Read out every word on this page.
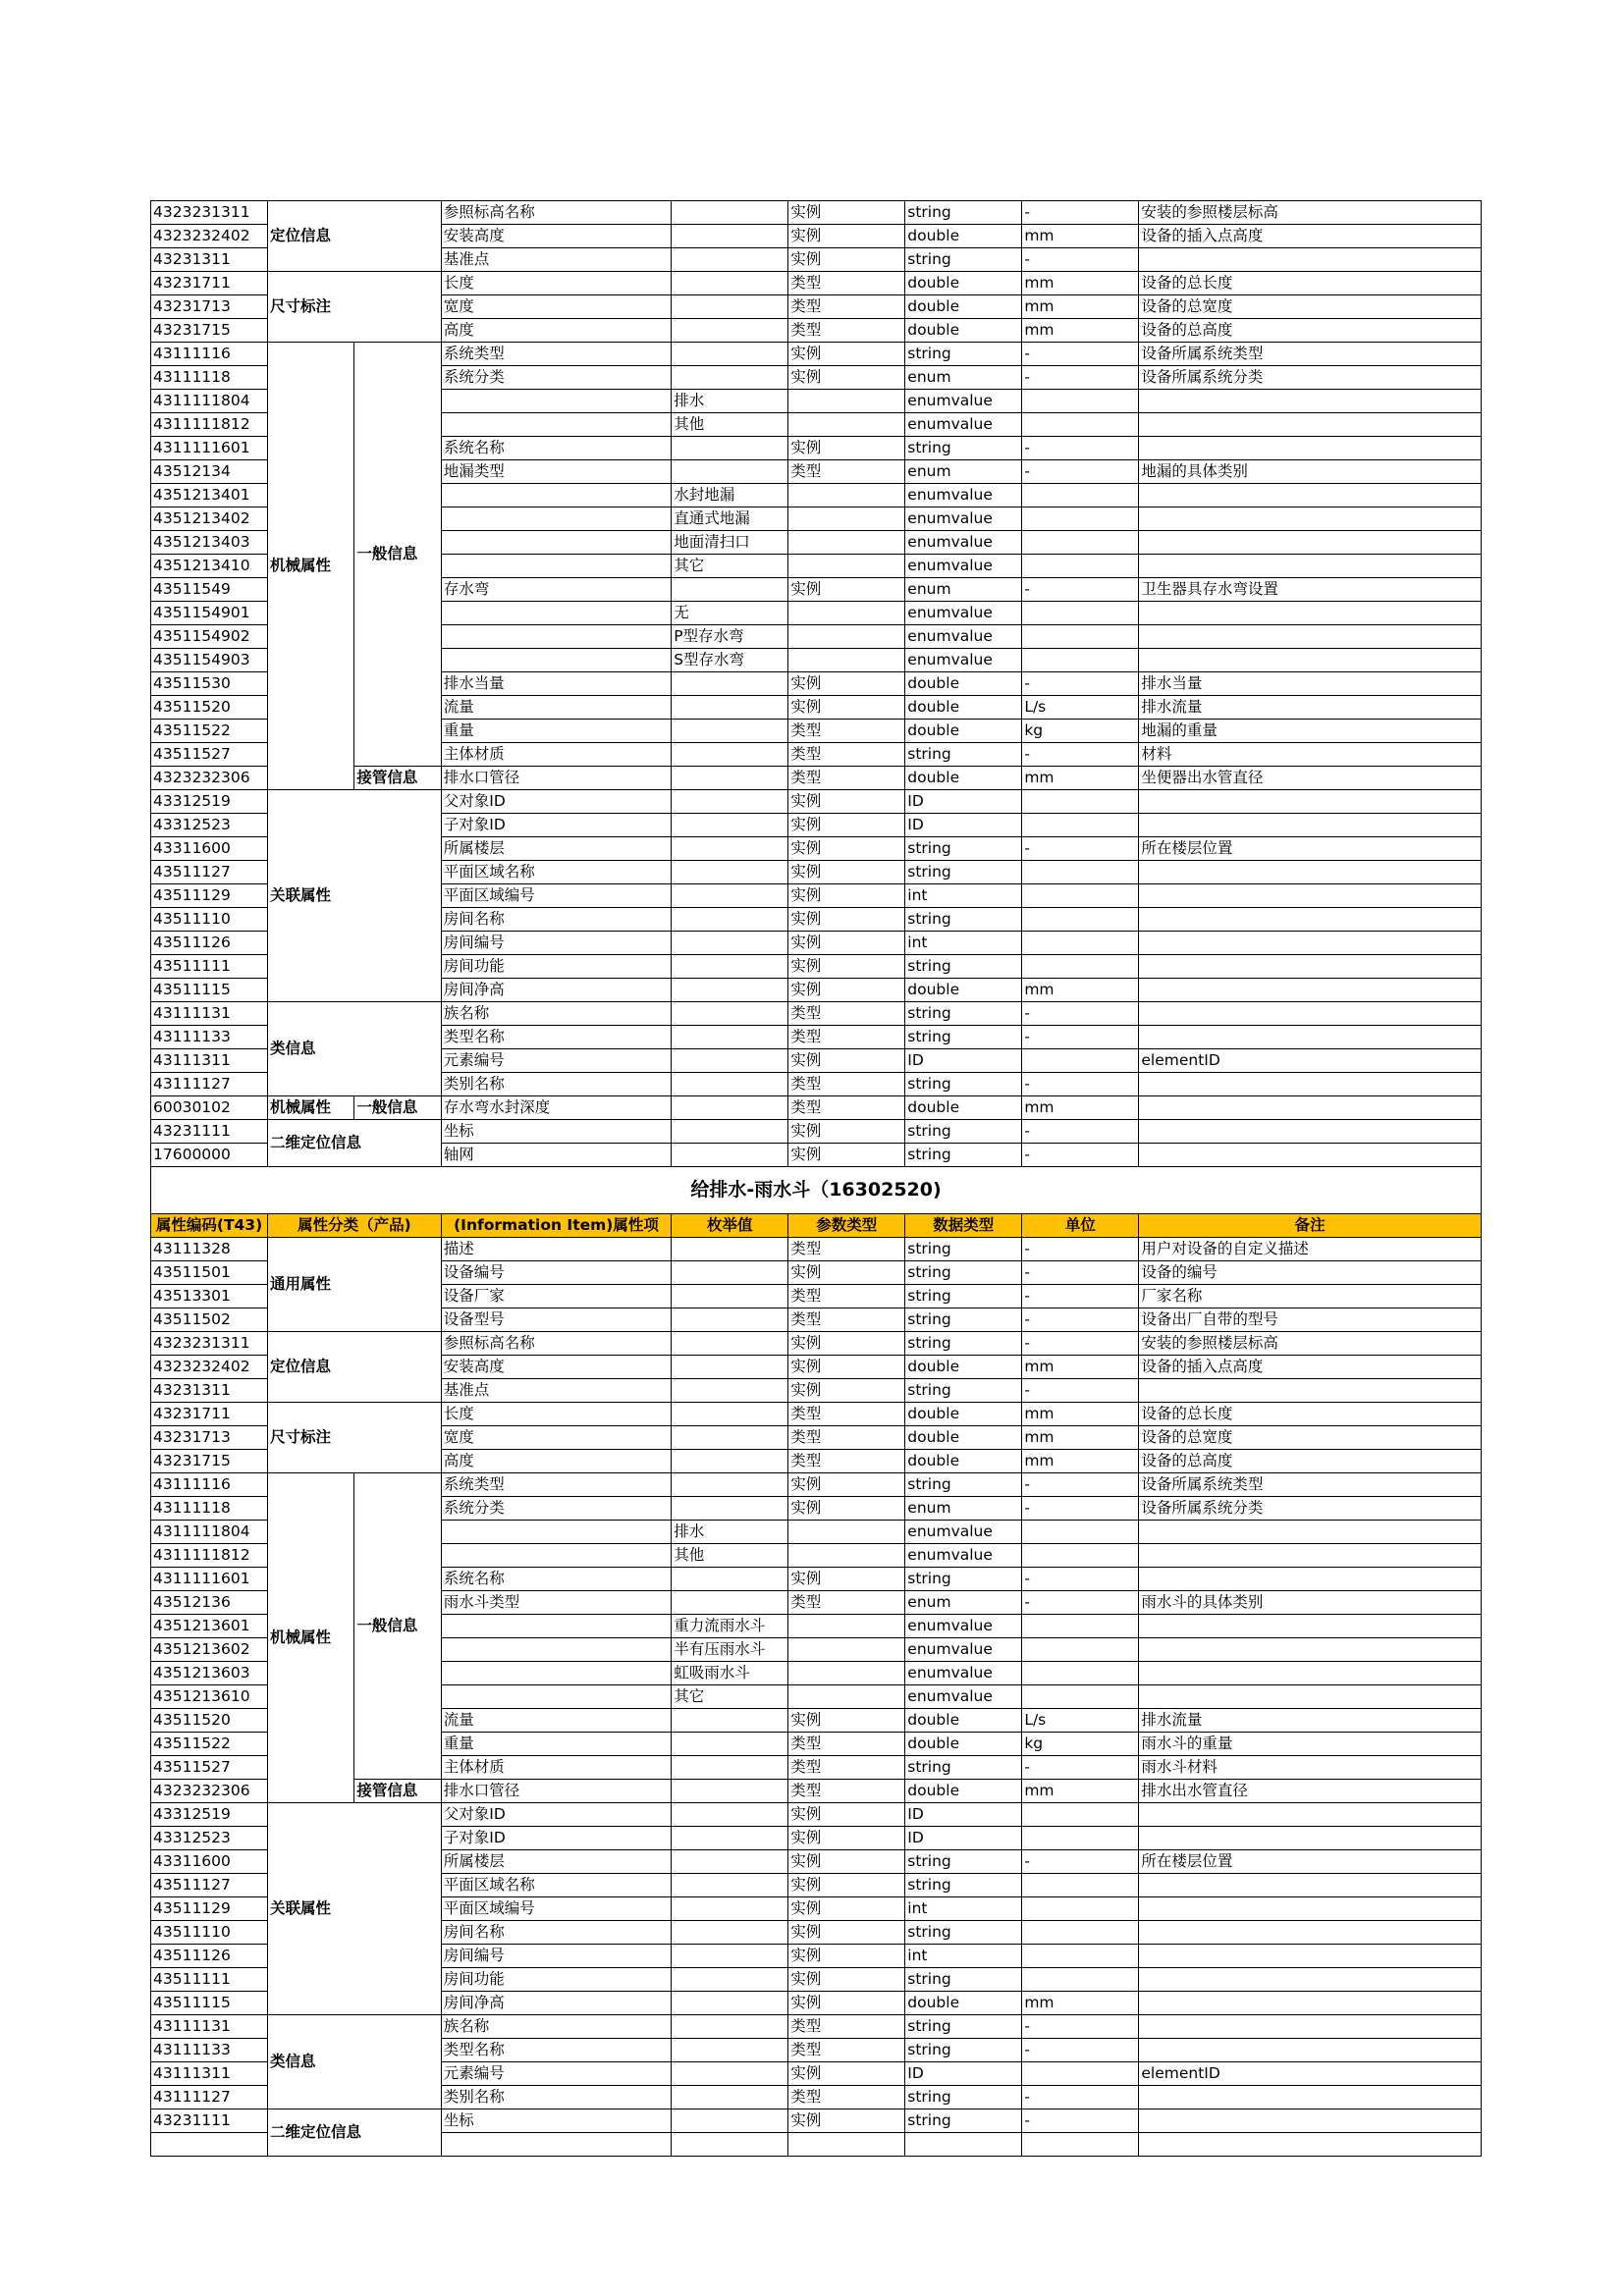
4323231311	定位信息		参照标高名称		实例	string	-	安装的参照楼层标高
4323232402			安装高度		实例	double	mm	设备的插入点高度
43231311			基准点		实例	string	-	
43231711	尺寸标注		长度		类型	double	mm	设备的总长度
43231713			宽度		类型	double	mm	设备的总宽度
43231715			高度		类型	double	mm	设备的总高度
43111116	机械属性	一般信息	系统类型		实例	string	-	设备所属系统类型
43111118			系统分类		实例	enum	-	设备所属系统分类
4311111804				排水		enumvalue		
4311111812				其他		enumvalue		
4311111601			系统名称		实例	string	-	
43512134			地漏类型		类型	enum	-	地漏的具体类别
4351213401				水封地漏		enumvalue		
4351213402				直通式地漏		enumvalue		
4351213403				地面清扫口		enumvalue		
4351213410				其它		enumvalue		
43511549			存水弯		实例	enum	-	卫生器具存水弯设置
4351154901				无		enumvalue		
4351154902				P型存水弯		enumvalue		
4351154903				S型存水弯		enumvalue		
43511530			排水当量		实例	double	-	排水当量
43511520			流量		实例	double	L/s	排水流量
43511522			重量		类型	double	kg	地漏的重量
43511527			主体材质		类型	string	-	材料
4323232306		接管信息	排水口管径		类型	double	mm	坐便器出水管直径
43312519	关联属性		父对象ID		实例	ID		
43312523			子对象ID		实例	ID		
43311600			所属楼层		实例	string	-	所在楼层位置
43511127			平面区域名称		实例	string		
43511129			平面区域编号		实例	int		
43511110			房间名称		实例	string		
43511126			房间编号		实例	int		
43511111			房间功能		实例	string		
43511115			房间净高		实例	double	mm	
43111131	类信息		族名称		类型	string	-	
43111133			类型名称		类型	string	-	
43111311			元素编号		实例	ID		elementID
43111127			类别名称		类型	string	-	
60030102	机械属性	一般信息	存水弯水封深度		类型	double	mm	
43231111	二维定位信息		坐标		实例	string	-	
17600000			轴网		实例	string	-	
给排水-雨水斗（16302520)								
属性编码(T43)	属性分类（产品)		(Information Item)属性项	枚举值	参数类型	数据类型	单位	备注
43111328	通用属性		描述		类型	string	-	用户对设备的自定义描述
43511501			设备编号		实例	string	-	设备的编号
43513301			设备厂家		类型	string	-	厂家名称
43511502			设备型号		类型	string	-	设备出厂自带的型号
4323231311	定位信息		参照标高名称		实例	string	-	安装的参照楼层标高
4323232402			安装高度		实例	double	mm	设备的插入点高度
43231311			基准点		实例	string	-	
43231711	尺寸标注		长度		类型	double	mm	设备的总长度
43231713			宽度		类型	double	mm	设备的总宽度
43231715			高度		类型	double	mm	设备的总高度
43111116	机械属性	一般信息	系统类型		实例	string	-	设备所属系统类型
43111118			系统分类		实例	enum	-	设备所属系统分类
4311111804				排水		enumvalue		
4311111812				其他		enumvalue		
4311111601			系统名称		实例	string	-	
43512136			雨水斗类型		类型	enum	-	雨水斗的具体类别
4351213601				重力流雨水斗		enumvalue		
4351213602				半有压雨水斗		enumvalue		
4351213603				虹吸雨水斗		enumvalue		
4351213610				其它		enumvalue		
43511520			流量		实例	double	L/s	排水流量
43511522			重量		类型	double	kg	雨水斗的重量
43511527			主体材质		类型	string	-	雨水斗材料
4323232306		接管信息	排水口管径		类型	double	mm	排水出水管直径
43312519	关联属性		父对象ID		实例	ID		
43312523			子对象ID		实例	ID		
43311600			所属楼层		实例	string	-	所在楼层位置
43511127			平面区域名称		实例	string		
43511129			平面区域编号		实例	int		
43511110			房间名称		实例	string		
43511126			房间编号		实例	int		
43511111			房间功能		实例	string		
43511115			房间净高		实例	double	mm	
43111131	类信息		族名称		类型	string	-	
43111133			类型名称		类型	string	-	
43111311			元素编号		实例	ID		elementID
43111127			类别名称		类型	string	-	
43231111	二维定位信息		坐标		实例	string	-	
